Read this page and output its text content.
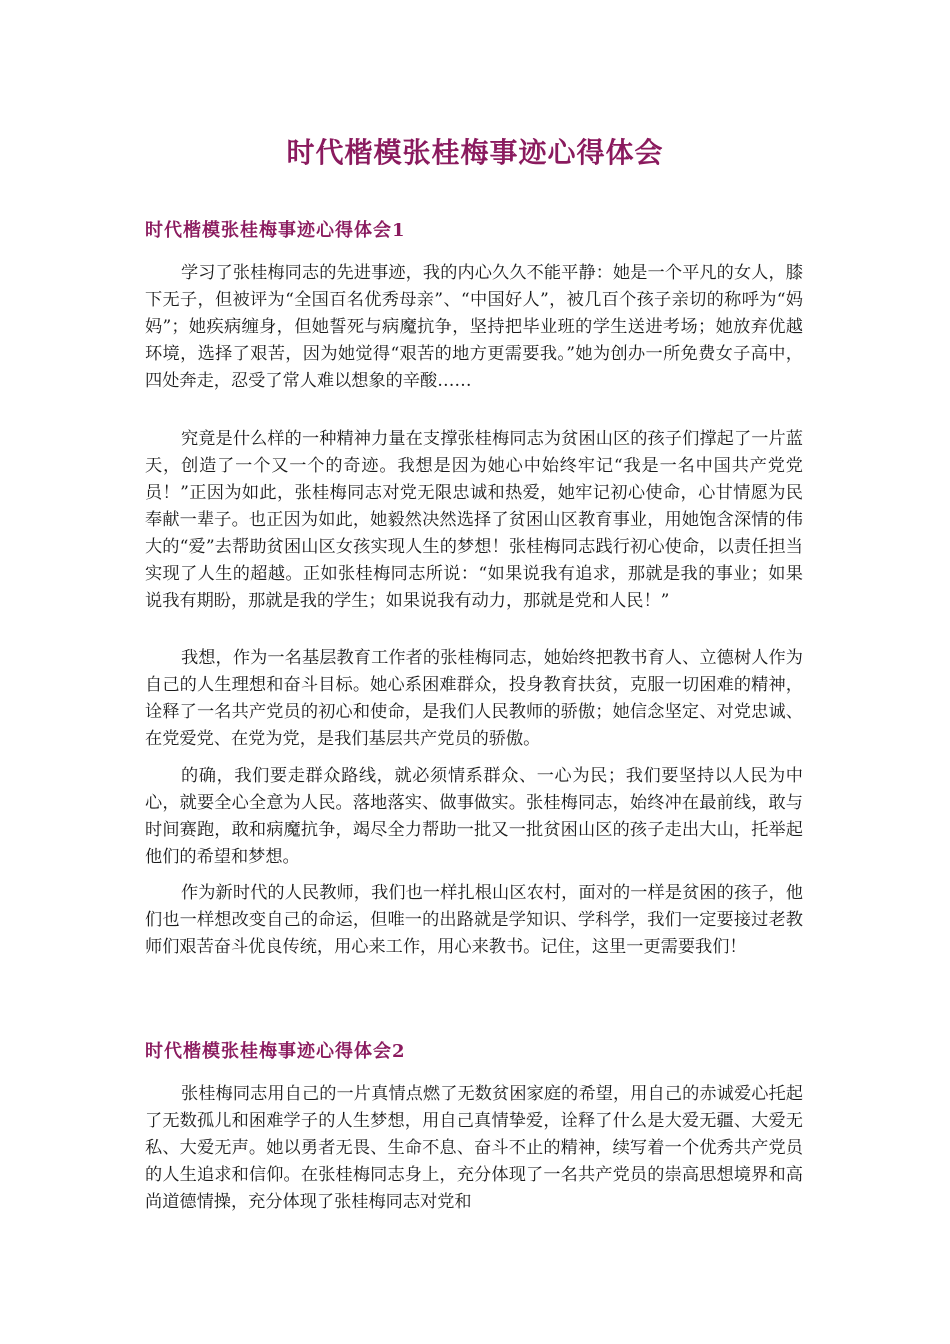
时代楷模张桂梅事迹心得体会
时代楷模张桂梅事迹心得体会1

学习了张桂梅同志的先进事迹，我的内心久久不能平静：她是一个平凡的女人，膝下无子，但被评为“全国百名优秀母亲”、“中国好人”，被几百个孩子亲切的称呼为“妈妈”；她疾病缠身，但她誓死与病魔抗争，坚持把毕业班的学生送进考场；她放弃优越环境，选择了艰苦，因为她觉得“艰苦的地方更需要我。”她为创办一所免费女子高中，四处奔走，忍受了常人难以想象的辛酸……

究竟是什么样的一种精神力量在支撑张桂梅同志为贫困山区的孩子们撑起了一片蓝天，创造了一个又一个的奇迹。我想是因为她心中始终牢记“我是一名中国共产党党员！”正因为如此，张桂梅同志对党无限忠诚和热爱，她牢记初心使命，心甘情愿为民奉献一辈子。也正因为如此，她毅然决然选择了贫困山区教育事业，用她饱含深情的伟大的“爱”去帮助贫困山区女孩实现人生的梦想！张桂梅同志践行初心使命，以责任担当实现了人生的超越。正如张桂梅同志所说：“如果说我有追求，那就是我的事业；如果说我有期盼，那就是我的学生；如果说我有动力，那就是党和人民！”

我想，作为一名基层教育工作者的张桂梅同志，她始终把教书育人、立德树人作为自己的人生理想和奋斗目标。她心系困难群众，投身教育扶贫，克服一切困难的精神，诠释了一名共产党员的初心和使命，是我们人民教师的骄傲；她信念坚定、对党忠诚、在党爱党、在党为党，是我们基层共产党员的骄傲。

的确，我们要走群众路线，就必须情系群众、一心为民；我们要坚持以人民为中心，就要全心全意为人民。落地落实、做事做实。张桂梅同志，始终冲在最前线，敢与时间赛跑，敢和病魔抗争，竭尽全力帮助一批又一批贫困山区的孩子走出大山，托举起他们的希望和梦想。

作为新时代的人民教师，我们也一样扎根山区农村，面对的一样是贫困的孩子，他们也一样想改变自己的命运，但唯一的出路就是学知识、学科学，我们一定要接过老教师们艰苦奋斗优良传统，用心来工作，用心来教书。记住，这里一更需要我们！

时代楷模张桂梅事迹心得体会2

张桂梅同志用自己的一片真情点燃了无数贫困家庭的希望，用自己的赤诚爱心托起了无数孤儿和困难学子的人生梦想，用自己真情挚爱，诠释了什么是大爱无疆、大爱无私、大爱无声。她以勇者无畏、生命不息、奋斗不止的精神，续写着一个优秀共产党员的人生追求和信仰。在张桂梅同志身上，充分体现了一名共产党员的崇高思想境界和高尚道德情操，充分体现了张桂梅同志对党和
